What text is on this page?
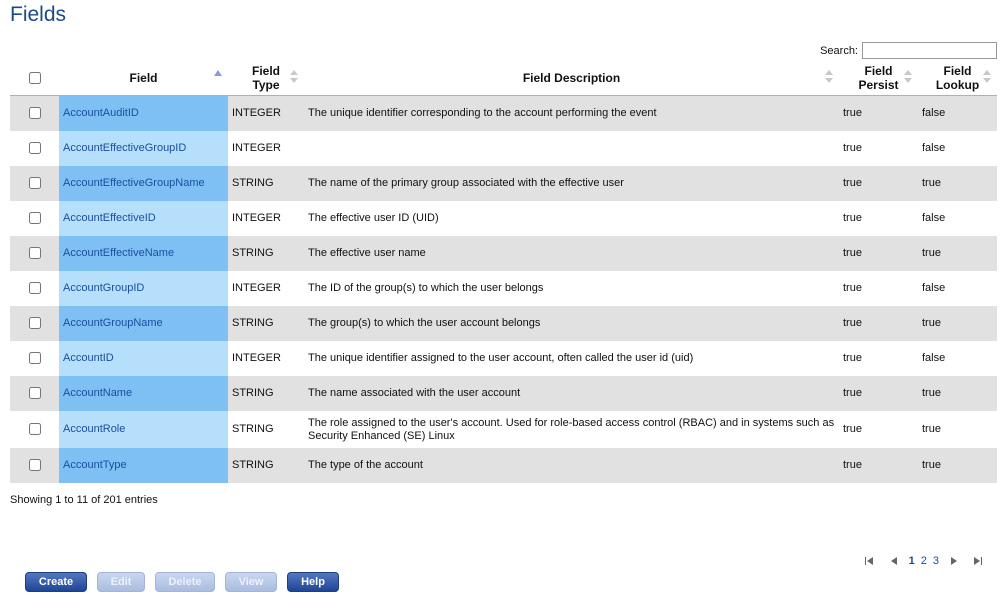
Fields
Search:
	Field	Field Type	Field Description	Field Persist	Field Lookup

	AccountAuditID	INTEGER	The unique identifier corresponding to the account performing the event	true	false
	AccountEffectiveGroupID	INTEGER		true	false
	AccountEffectiveGroupName	STRING	The name of the primary group associated with the effective user	true	true
	AccountEffectiveID	INTEGER	The effective user ID (UID)	true	false
	AccountEffectiveName	STRING	The effective user name	true	true
	AccountGroupID	INTEGER	The ID of the group(s) to which the user belongs	true	false
	AccountGroupName	STRING	The group(s) to which the user account belongs	true	true
	AccountID	INTEGER	The unique identifier assigned to the user account, often called the user id (uid)	true	false
	AccountName	STRING	The name associated with the user account	true	true
	AccountRole	STRING	The role assigned to the user's account. Used for role-based access control (RBAC) and in systems such as Security Enhanced (SE) Linux	true	true
	AccountType	STRING	The type of the account	true	true
Showing 1 to 11 of 201 entries
1 2 3
Create	Edit	Delete	View	Help
